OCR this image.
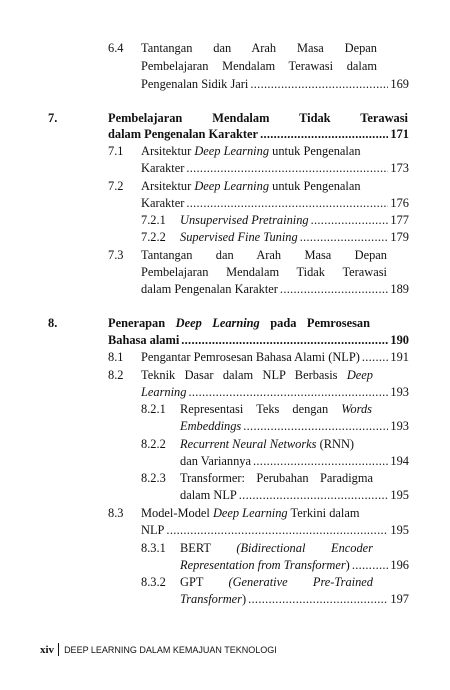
6.4 Tantangan dan Arah Masa Depan
Pembelajaran Mendalam Terawasi dalam
Pengenalan Sidik Jari .....	169
7.	Pembelajaran Mendalam Tidak Terawasi
dalam Pengenalan Karakter .....	171
7.1 Arsitektur Deep Learning untuk Pengenalan
Karakter .....	173
7.2 Arsitektur Deep Learning untuk Pengenalan
Karakter .....	176
7.2.1 Unsupervised Pretraining .....	177
7.2.2 Supervised Fine Tuning .....	179
7.3 Tantangan dan Arah Masa Depan
Pembelajaran Mendalam Tidak Terawasi
dalam Pengenalan Karakter .....	189
8.	Penerapan Deep Learning pada Pemrosesan
Bahasa alami .....	190
8.1 Pengantar Pemrosesan Bahasa Alami (NLP) ..... 191
8.2 Teknik Dasar dalam NLP Berbasis Deep
Learning .....	193
8.2.1 Representasi Teks dengan Words
Embeddings .....	193
8.2.2 Recurrent Neural Networks (RNN)
dan Variannya .....	194
8.2.3 Transformer: Perubahan Paradigma
dalam NLP .....	195
8.3 Model-Model Deep Learning Terkini dalam
NLP .....	195
8.3.1 BERT (Bidirectional Encoder
Representation from Transformer) .....	196
8.3.2 GPT (Generative Pre-Trained
Transformer) .....	197
xiv DEEP LEARNING DALAM KEMAJUAN TEKNOLOGI
